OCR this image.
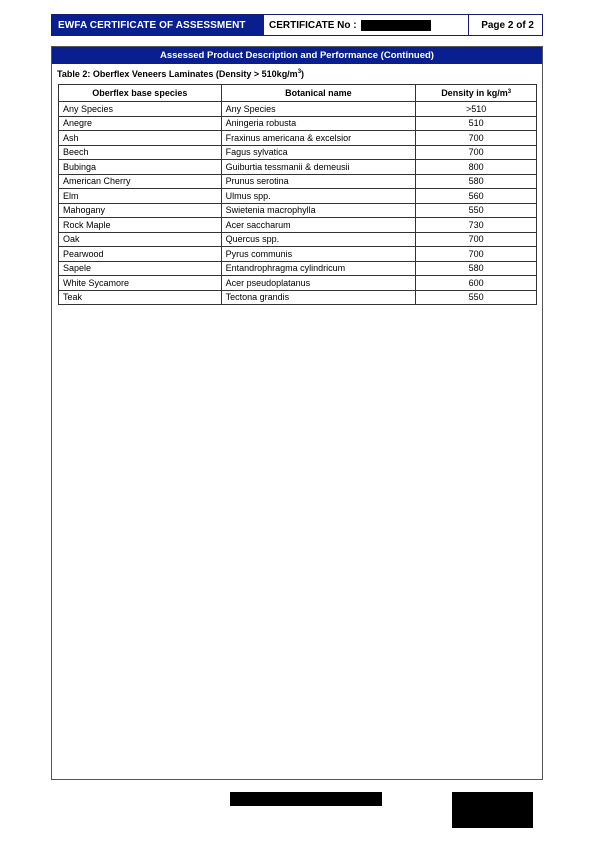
EWFA CERTIFICATE OF ASSESSMENT	CERTIFICATE No :	Page 2 of 2
Assessed Product Description and Performance (Continued)
Table 2: Oberflex Veneers Laminates (Density > $510kg/m^3$)
Oberflex base species	Botanical name	Density in $kg/m^3$
Any Species	Any Species	>510
Anegre	Aningeria robusta	510
Ash	Fraxinus americana & excelsior	700
Beech	Fagus sylvatica	700
Bubinga	Guiburtia tessmanii & demeusii	800
American Cherry	Prunus serotina	580
Elm	Ulmus spp.	560
Mahogany	Swietenia macrophylla	550
Rock Maple	Acer saccharum	730
Oak	Quercus spp.	700
Pearwood	Pyrus communis	700
Sapele	Entandrophragma cylindricum	580
White Sycamore	Acer pseudoplatanus	600
Teak	Tectona grandis	550
